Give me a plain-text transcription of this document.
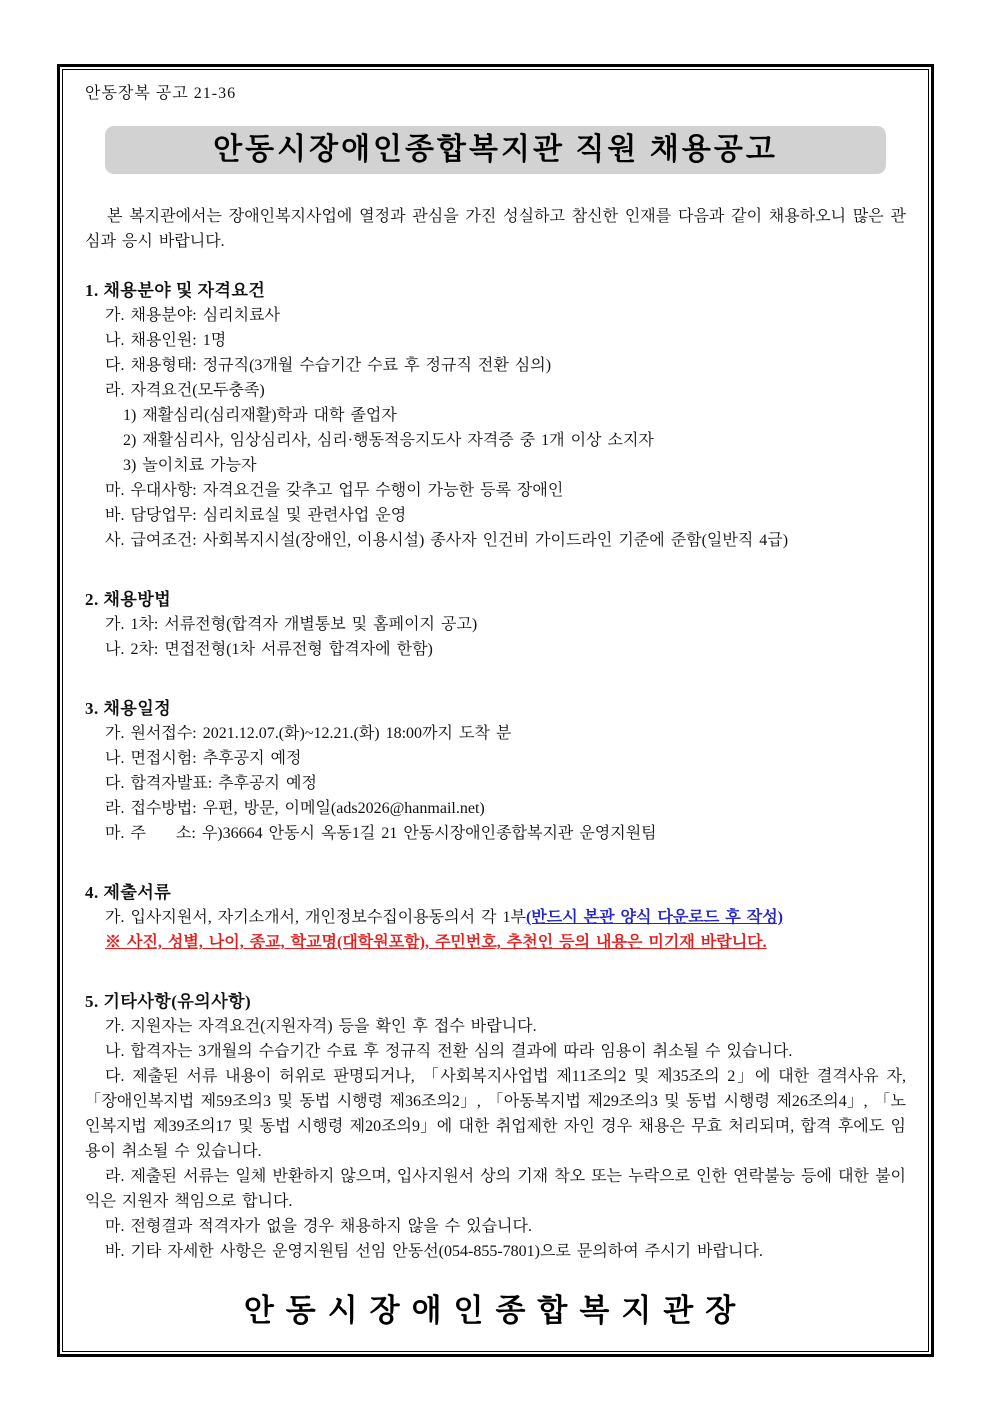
안동장복 공고 21-36
안동시장애인종합복지관 직원 채용공고
본 복지관에서는 장애인복지사업에 열정과 관심을 가진 성실하고 참신한 인재를 다음과 같이 채용하오니 많은 관심과 응시 바랍니다.
1. 채용분야 및 자격요건
가. 채용분야: 심리치료사
나. 채용인원: 1명
다. 채용형태: 정규직(3개월 수습기간 수료 후 정규직 전환 심의)
라. 자격요건(모두충족)
1) 재활심리(심리재활)학과 대학 졸업자
2) 재활심리사, 임상심리사, 심리·행동적응지도사 자격증 중 1개 이상 소지자
3) 놀이치료 가능자
마. 우대사항: 자격요건을 갖추고 업무 수행이 가능한 등록 장애인
바. 담당업무: 심리치료실 및 관련사업 운영
사. 급여조건: 사회복지시설(장애인, 이용시설) 종사자 인건비 가이드라인 기준에 준함(일반직 4급)
2. 채용방법
가. 1차: 서류전형(합격자 개별통보 및 홈페이지 공고)
나. 2차: 면접전형(1차 서류전형 합격자에 한함)
3. 채용일정
가. 원서접수: 2021.12.07.(화)~12.21.(화) 18:00까지 도착 분
나. 면접시험: 추후공지 예정
다. 합격자발표: 추후공지 예정
라. 접수방법: 우편, 방문, 이메일(ads2026@hanmail.net)
마. 주     소: 우)36664 안동시 옥동1길 21 안동시장애인종합복지관 운영지원팀
4. 제출서류
가. 입사지원서, 자기소개서, 개인정보수집이용동의서 각 1부(반드시 본관 양식 다운로드 후 작성)
※ 사진, 성별, 나이, 종교, 학교명(대학원포함), 주민번호, 추천인 등의 내용은 미기재 바랍니다.
5. 기타사항(유의사항)
가. 지원자는 자격요건(지원자격) 등을 확인 후 접수 바랍니다.
나. 합격자는 3개월의 수습기간 수료 후 정규직 전환 심의 결과에 따라 임용이 취소될 수 있습니다.
다. 제출된 서류 내용이 허위로 판명되거나, 「사회복지사업법 제11조의2 및 제35조의 2」에 대한 결격사유 자, 「장애인복지법 제59조의3 및 동법 시행령 제36조의2」, 「아동복지법 제29조의3 및 동법 시행령 제26조의4」, 「노인복지법 제39조의17 및 동법 시행령 제20조의9」에 대한 취업제한 자인 경우 채용은 무효 처리되며, 합격 후에도 임용이 취소될 수 있습니다.
라. 제출된 서류는 일체 반환하지 않으며, 입사지원서 상의 기재 착오 또는 누락으로 인한 연락불능 등에 대한 불이익은 지원자 책임으로 합니다.
마. 전형결과 적격자가 없을 경우 채용하지 않을 수 있습니다.
바. 기타 자세한 사항은 운영지원팀 선임 안동선(054-855-7801)으로 문의하여 주시기 바랍니다.
안동시장애인종합복지관장
